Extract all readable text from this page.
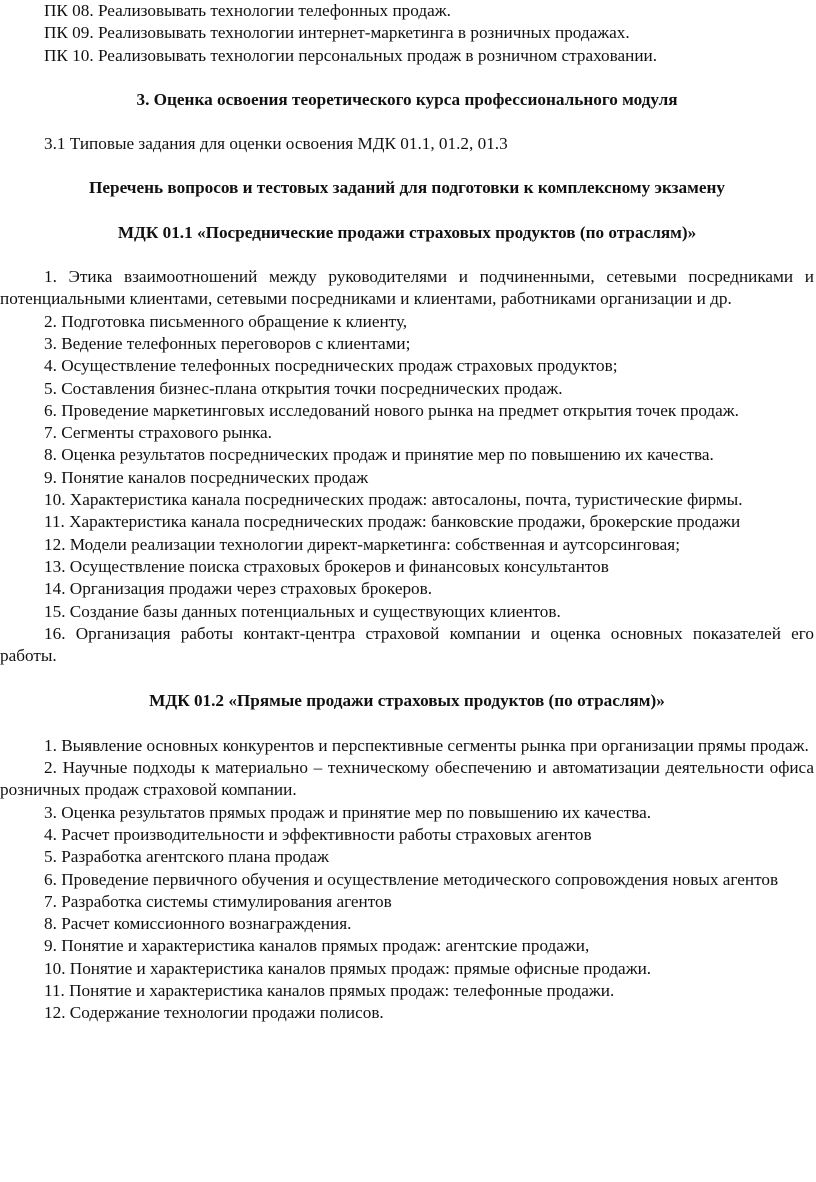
ПК 08. Реализовывать технологии телефонных продаж.

ПК 09. Реализовывать технологии интернет-маркетинга в розничных продажах.

ПК 10. Реализовывать технологии персональных продаж в розничном страховании.

3. Оценка освоения теоретического курса профессионального модуля

3.1 Типовые задания для оценки освоения МДК 01.1, 01.2, 01.3

Перечень вопросов и тестовых заданий для подготовки к комплексному экзамену

МДК 01.1 «Посреднические продажи страховых продуктов (по отраслям)»

1. Этика взаимоотношений между руководителями и подчиненными, сетевыми посредниками и потенциальными клиентами, сетевыми посредниками и клиентами, работниками организации и др.

2. Подготовка письменного обращение к клиенту,

3. Ведение телефонных переговоров с клиентами;

4. Осуществление телефонных посреднических продаж страховых продуктов;

5. Составления бизнес-плана открытия точки посреднических продаж.

6. Проведение маркетинговых исследований нового рынка на предмет открытия точек продаж.

7. Сегменты страхового рынка.

8. Оценка результатов посреднических продаж и принятие мер по повышению их качества.

9. Понятие каналов посреднических продаж

10. Характеристика канала посреднических продаж: автосалоны, почта, туристические фирмы.

11. Характеристика канала посреднических продаж: банковские продажи, брокерские продажи

12. Модели реализации технологии директ-маркетинга: собственная и аутсорсинговая;

13. Осуществление поиска страховых брокеров и финансовых консультантов

14. Организация продажи через страховых брокеров.

15. Создание базы данных потенциальных и существующих клиентов.

16. Организация работы контакт-центра страховой компании и оценка основных показателей его работы.

МДК 01.2 «Прямые продажи страховых продуктов (по отраслям)»

1. Выявление основных конкурентов и перспективные сегменты рынка при организации прямы продаж.

2. Научные подходы к материально – техническому обеспечению и автоматизации деятельности офиса розничных продаж страховой компании.

3. Оценка результатов прямых продаж и принятие мер по повышению их качества.

4. Расчет производительности и эффективности работы страховых агентов

5. Разработка агентского плана продаж

6. Проведение первичного обучения и осуществление методического сопровождения новых агентов

7. Разработка системы стимулирования агентов

8. Расчет комиссионного вознаграждения.

9. Понятие и характеристика каналов прямых продаж: агентские продажи,

10. Понятие и характеристика каналов прямых продаж: прямые офисные продажи.

11. Понятие и характеристика каналов прямых продаж: телефонные продажи.

12. Содержание технологии продажи полисов.
